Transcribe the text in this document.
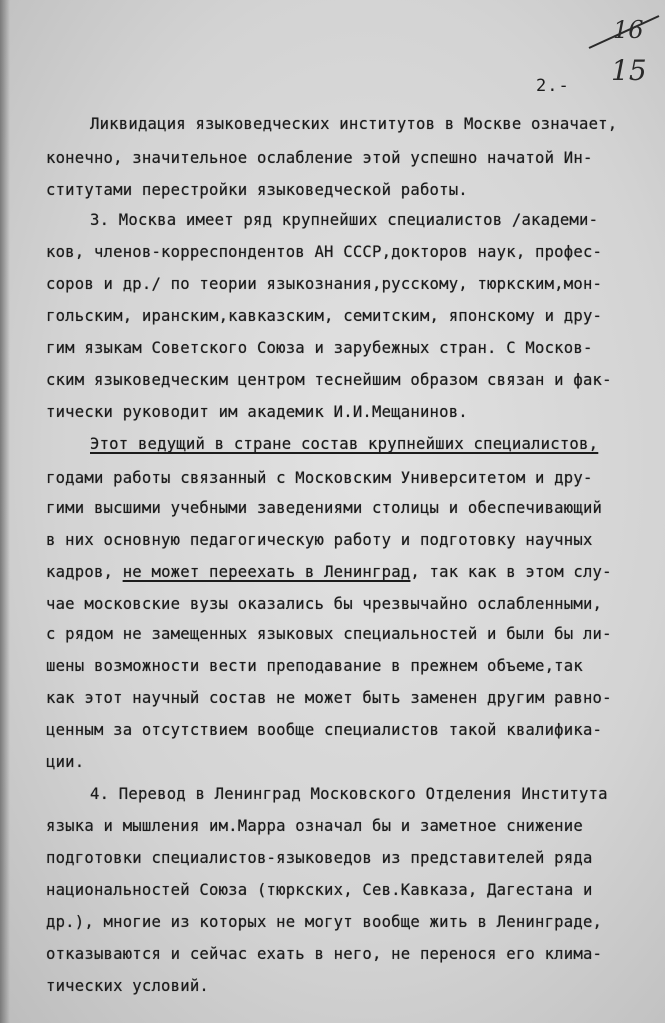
16
15
2.-
Ликвидация языковедческих институтов в Москве означает,
конечно, значительное ослабление этой успешно начатой Ин-
ститутами перестройки языковедческой работы.
3. Москва имеет ряд крупнейших специалистов /академи-
ков, членов-корреспондентов АН СССР,докторов наук, профес-
соров и др./ по теории языкознания,русскому, тюркским,мон-
гольским, иранским,кавказским, семитским, японскому и дру-
гим языкам Советского Союза и зарубежных стран. С Москов-
ским языковедческим центром теснейшим образом связан и фак-
тически руководит им академик И.И.Мещанинов.
Этот ведущий в стране состав крупнейших специалистов,
годами работы связанный с Московским Университетом и дру-
гими высшими учебными заведениями столицы и обеспечивающий
в них основную педагогическую работу и подготовку научных
кадров, не может переехать в Ленинград, так как в этом слу-
чае московские вузы оказались бы чрезвычайно ослабленными,
с рядом не замещенных языковых специальностей и были бы ли-
шены возможности вести преподавание в прежнем объеме,так
как этот научный состав не может быть заменен другим равно-
ценным за отсутствием вообще специалистов такой квалифика-
ции.
4. Перевод в Ленинград Московского Отделения Института
языка и мышления им.Марра означал бы и заметное снижение
подготовки специалистов-языковедов из представителей ряда
национальностей Союза (тюркских, Сев.Кавказа, Дагестана и
др.), многие из которых не могут вообще жить в Ленинграде,
отказываются и сейчас ехать в него, не перенося его клима-
тических условий.
